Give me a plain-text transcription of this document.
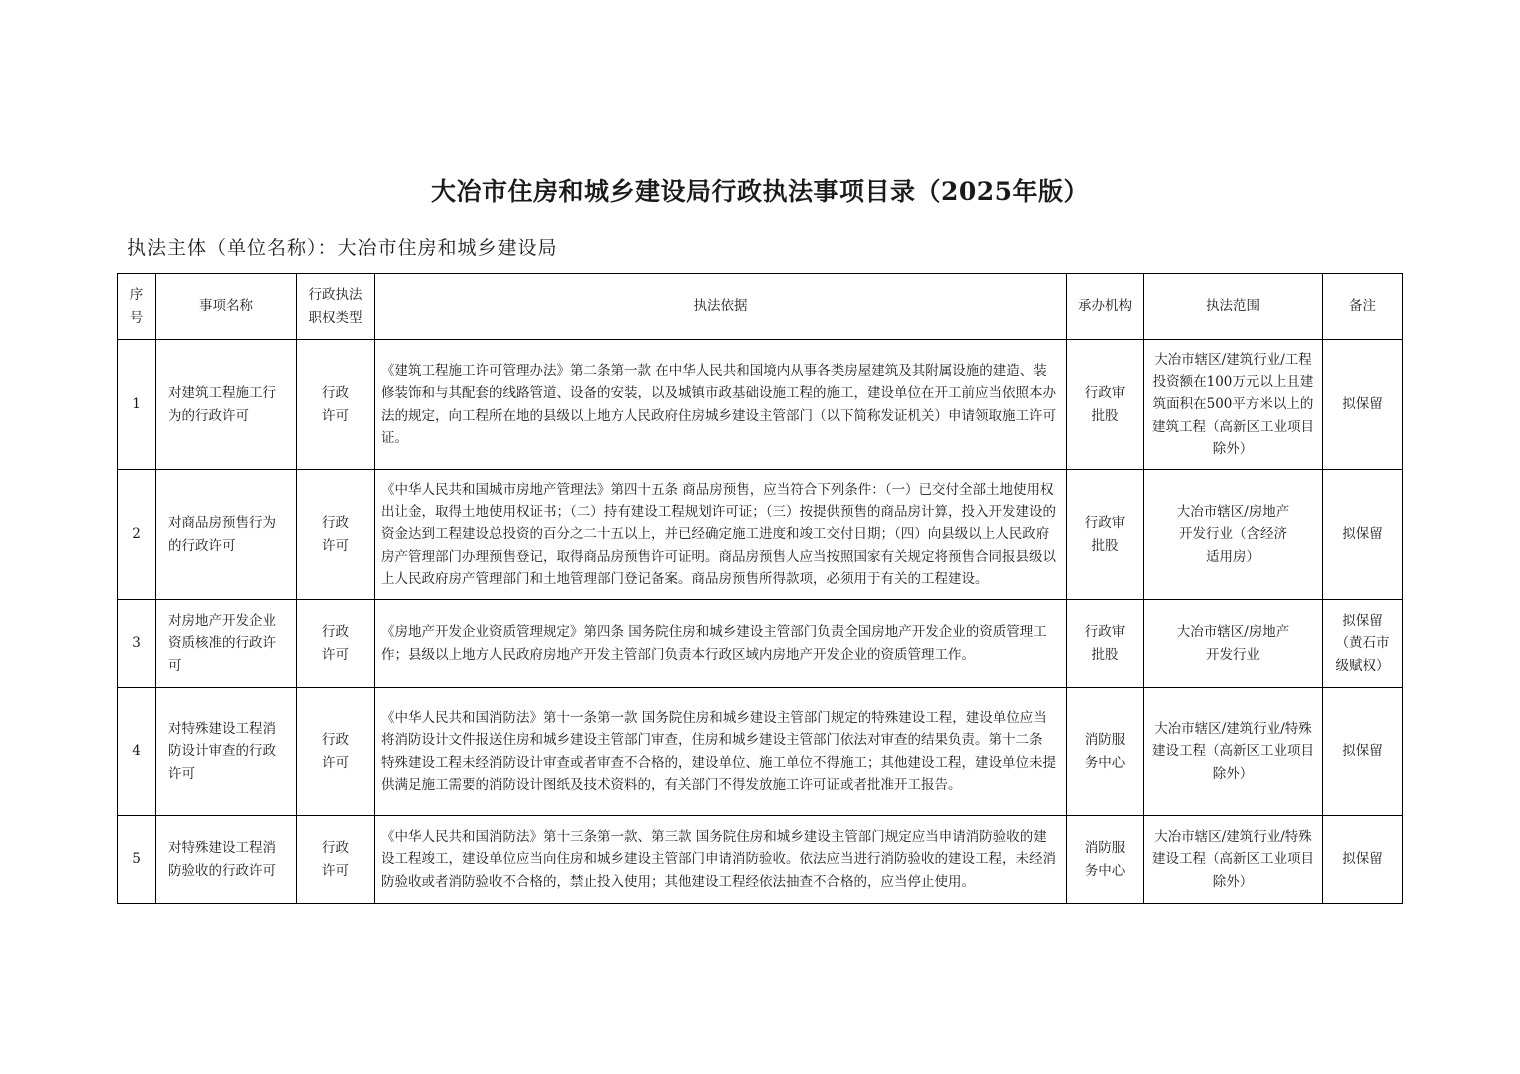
大冶市住房和城乡建设局行政执法事项目录（2025年版）
执法主体（单位名称）：大冶市住房和城乡建设局
序号	事项名称	行政执法职权类型	执法依据	承办机构	执法范围	备注
1	对建筑工程施工行为的行政许可	行政许可	《建筑工程施工许可管理办法》第二条第一款 在中华人民共和国境内从事各类房屋建筑及其附属设施的建造、装修装饰和与其配套的线路管道、设备的安装，以及城镇市政基础设施工程的施工，建设单位在开工前应当依照本办法的规定，向工程所在地的县级以上地方人民政府住房城乡建设主管部门（以下简称发证机关）申请领取施工许可证。	行政审批股	大冶市辖区/建筑行业/工程投资额在100万元以上且建筑面积在500平方米以上的建筑工程（高新区工业项目除外）	拟保留
2	对商品房预售行为的行政许可	行政许可	《中华人民共和国城市房地产管理法》第四十五条 商品房预售，应当符合下列条件：（一）已交付全部土地使用权出让金，取得土地使用权证书；（二）持有建设工程规划许可证；（三）按提供预售的商品房计算，投入开发建设的资金达到工程建设总投资的百分之二十五以上，并已经确定施工进度和竣工交付日期；（四）向县级以上人民政府房产管理部门办理预售登记，取得商品房预售许可证明。商品房预售人应当按照国家有关规定将预售合同报县级以上人民政府房产管理部门和土地管理部门登记备案。商品房预售所得款项，必须用于有关的工程建设。	行政审批股	大冶市辖区/房地产开发行业（含经济适用房）	拟保留
3	对房地产开发企业资质核准的行政许可	行政许可	《房地产开发企业资质管理规定》第四条 国务院住房和城乡建设主管部门负责全国房地产开发企业的资质管理工作；县级以上地方人民政府房地产开发主管部门负责本行政区域内房地产开发企业的资质管理工作。	行政审批股	大冶市辖区/房地产开发行业	拟保留（黄石市级赋权）
4	对特殊建设工程消防设计审查的行政许可	行政许可	《中华人民共和国消防法》第十一条第一款 国务院住房和城乡建设主管部门规定的特殊建设工程，建设单位应当将消防设计文件报送住房和城乡建设主管部门审查，住房和城乡建设主管部门依法对审查的结果负责。第十二条 特殊建设工程未经消防设计审查或者审查不合格的，建设单位、施工单位不得施工；其他建设工程，建设单位未提供满足施工需要的消防设计图纸及技术资料的，有关部门不得发放施工许可证或者批准开工报告。	消防服务中心	大冶市辖区/建筑行业/特殊建设工程（高新区工业项目除外）	拟保留
5	对特殊建设工程消防验收的行政许可	行政许可	《中华人民共和国消防法》第十三条第一款、第三款 国务院住房和城乡建设主管部门规定应当申请消防验收的建设工程竣工，建设单位应当向住房和城乡建设主管部门申请消防验收。依法应当进行消防验收的建设工程，未经消防验收或者消防验收不合格的，禁止投入使用；其他建设工程经依法抽查不合格的，应当停止使用。	消防服务中心	大冶市辖区/建筑行业/特殊建设工程（高新区工业项目除外）	拟保留
